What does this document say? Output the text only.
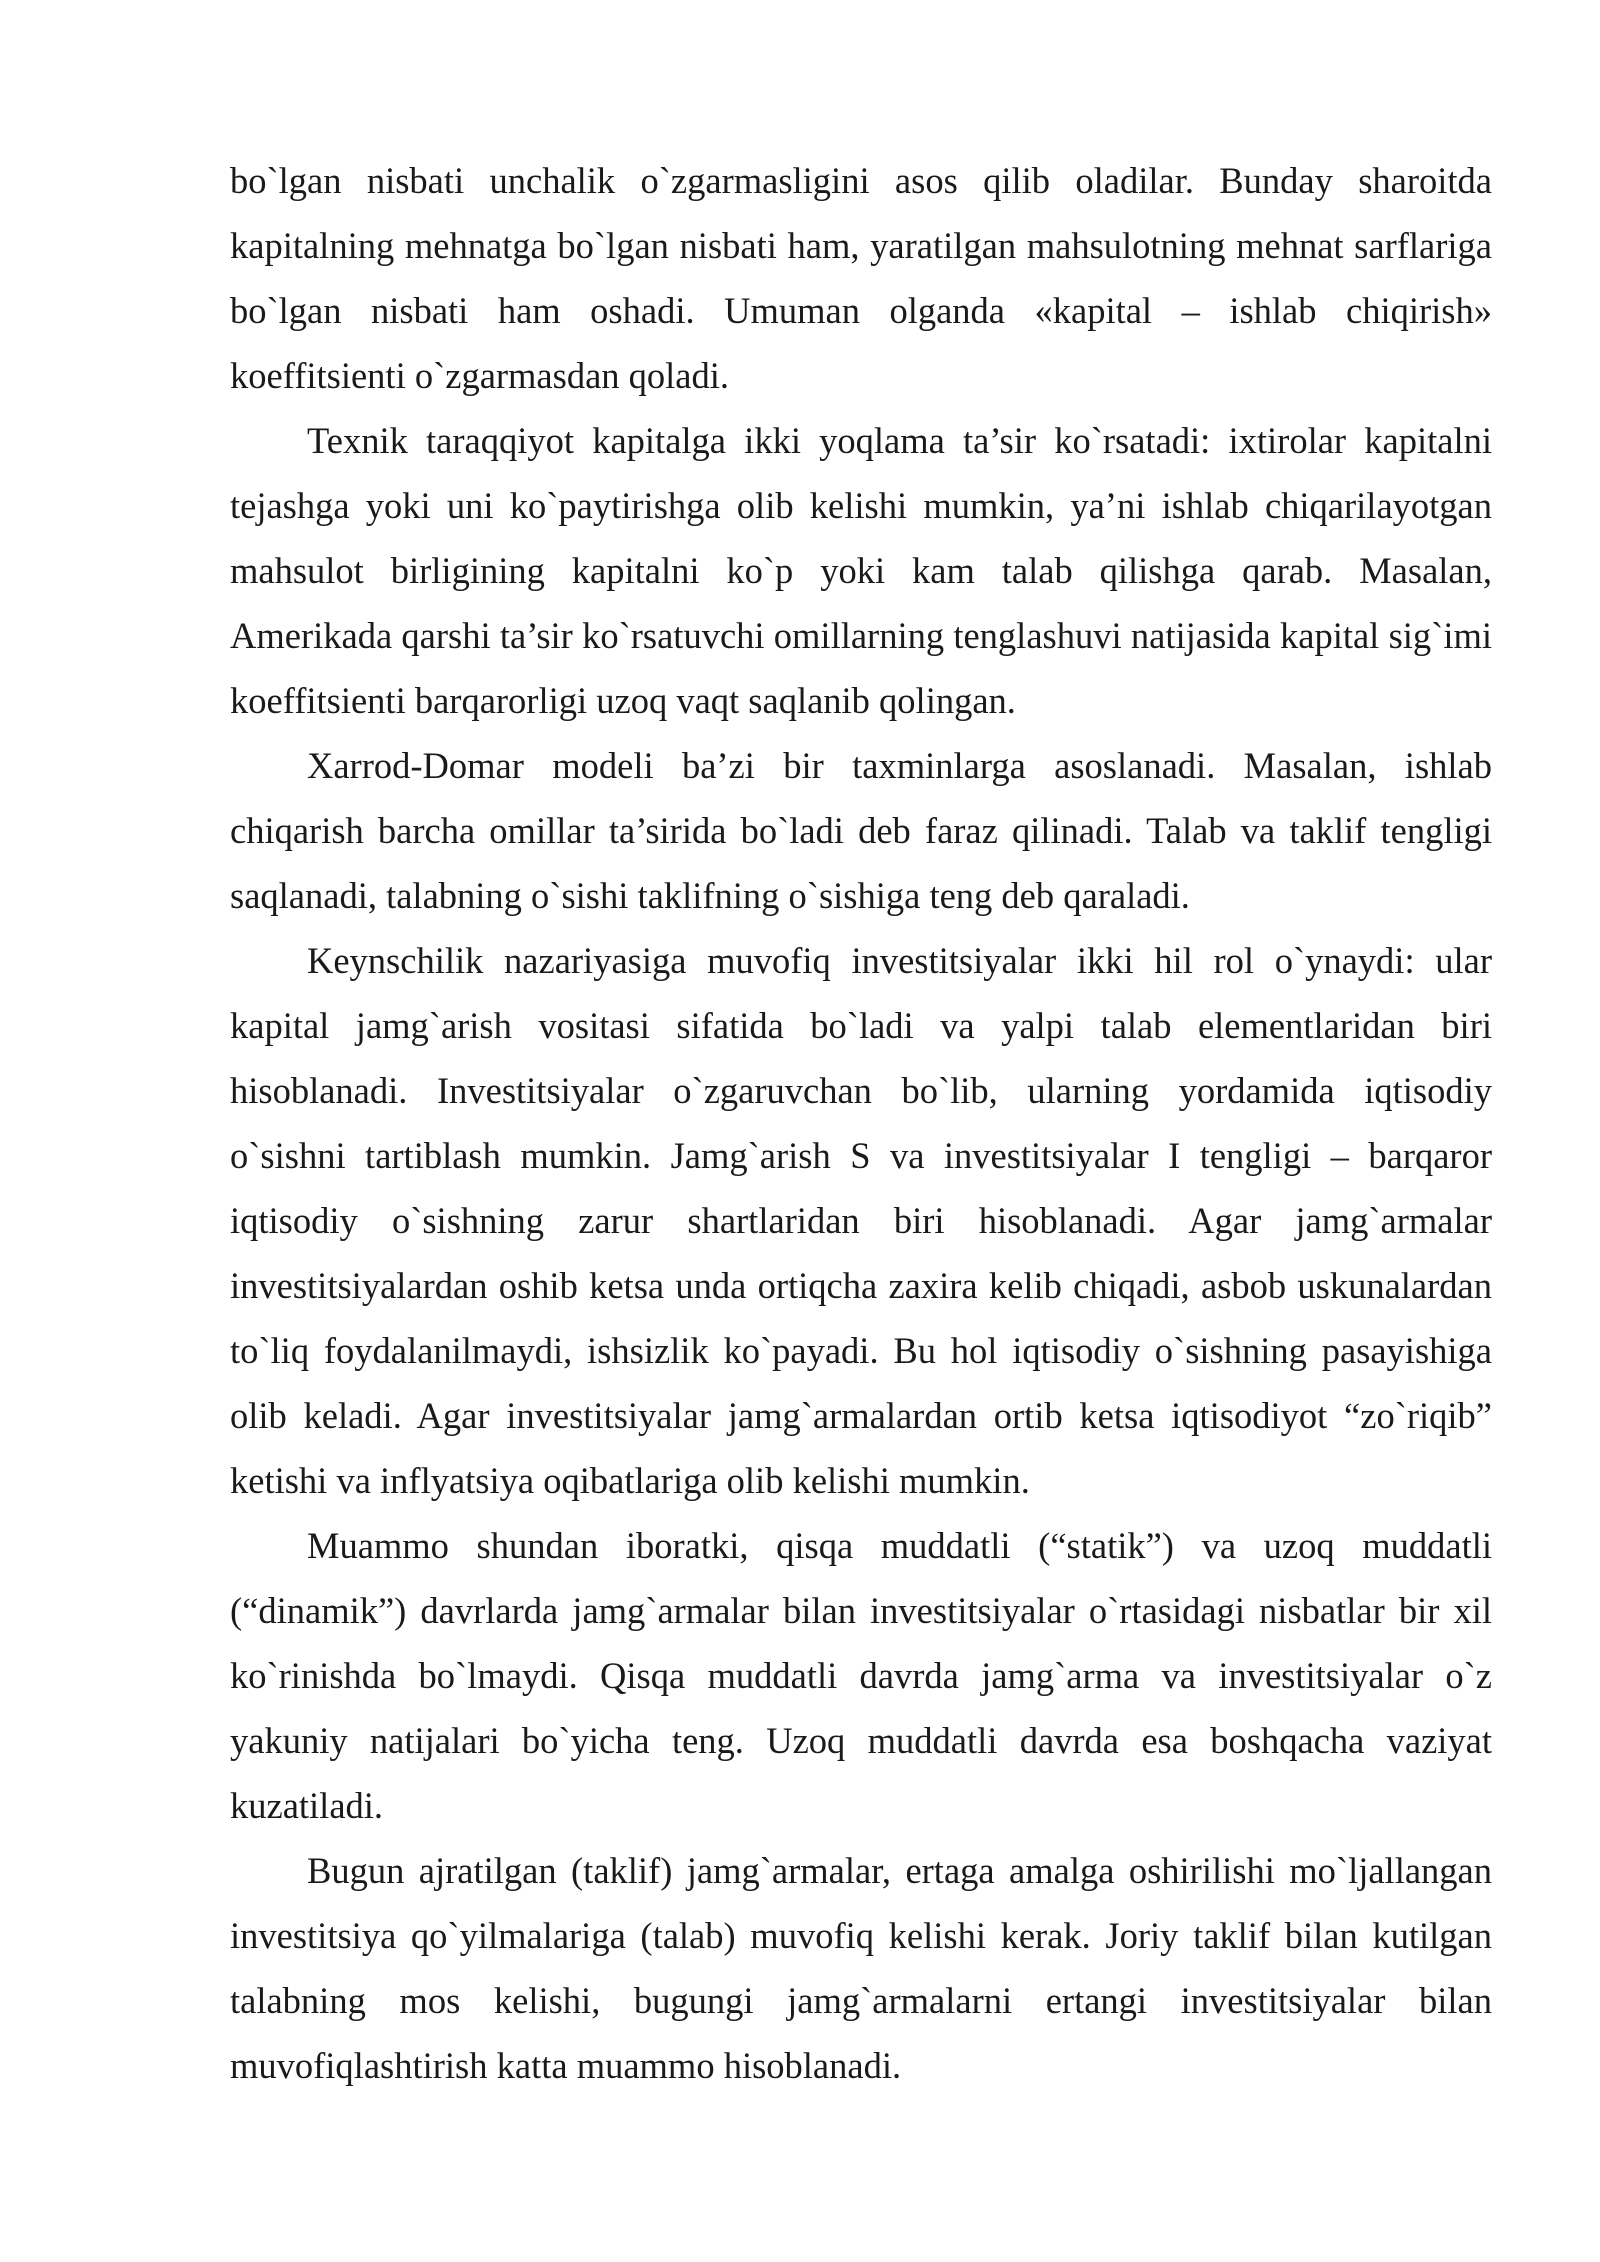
bo`lgan nisbati unchalik o`zgarmasligini asos qilib oladilar. Bunday sharoitda kapitalning mehnatga bo`lgan nisbati ham, yaratilgan mahsulotning mehnat sarflariga bo`lgan nisbati ham oshadi. Umuman olganda «kapital – ishlab chiqirish» koeffitsienti o`zgarmasdan qoladi.

Texnik taraqqiyot kapitalga ikki yoqlama ta’sir ko`rsatadi: ixtirolar kapitalni tejashga yoki uni ko`paytirishga olib kelishi mumkin, ya’ni ishlab chiqarilayotgan mahsulot birligining kapitalni ko`p yoki kam talab qilishga qarab. Masalan, Amerikada qarshi ta’sir ko`rsatuvchi omillarning tenglashuvi natijasida kapital sig`imi koeffitsienti barqarorligi uzoq vaqt saqlanib qolingan.

Xarrod-Domar modeli ba’zi bir taxminlarga asoslanadi. Masalan, ishlab chiqarish barcha omillar ta’sirida bo`ladi deb faraz qilinadi. Talab va taklif tengligi saqlanadi, talabning o`sishi taklifning o`sishiga teng deb qaraladi.

Keynschilik nazariyasiga muvofiq investitsiyalar ikki hil rol o`ynaydi: ular kapital jamg`arish vositasi sifatida bo`ladi va yalpi talab elementlaridan biri hisoblanadi. Investitsiyalar o`zgaruvchan bo`lib, ularning yordamida iqtisodiy o`sishni tartiblash mumkin. Jamg`arish S va investitsiyalar I tengligi – barqaror iqtisodiy o`sishning zarur shartlaridan biri hisoblanadi. Agar jamg`armalar investitsiyalardan oshib ketsa unda ortiqcha zaxira kelib chiqadi, asbob uskunalardan to`liq foydalanilmaydi, ishsizlik ko`payadi. Bu hol iqtisodiy o`sishning pasayishiga olib keladi. Agar investitsiyalar jamg`armalardan ortib ketsa iqtisodiyot “zo`riqib” ketishi va inflyatsiya oqibatlariga olib kelishi mumkin.

Muammo shundan iboratki, qisqa muddatli (“statik”) va uzoq muddatli (“dinamik”) davrlarda jamg`armalar bilan investitsiyalar o`rtasidagi nisbatlar bir xil ko`rinishda bo`lmaydi. Qisqa muddatli davrda jamg`arma va investitsiyalar o`z yakuniy natijalari bo`yicha teng. Uzoq muddatli davrda esa boshqacha vaziyat kuzatiladi.

Bugun ajratilgan (taklif) jamg`armalar, ertaga amalga oshirilishi mo`ljallangan investitsiya qo`yilmalariga (talab) muvofiq kelishi kerak. Joriy taklif bilan kutilgan talabning mos kelishi, bugungi jamg`armalarni ertangi investitsiyalar bilan muvofiqlashtirish katta muammo hisoblanadi.
